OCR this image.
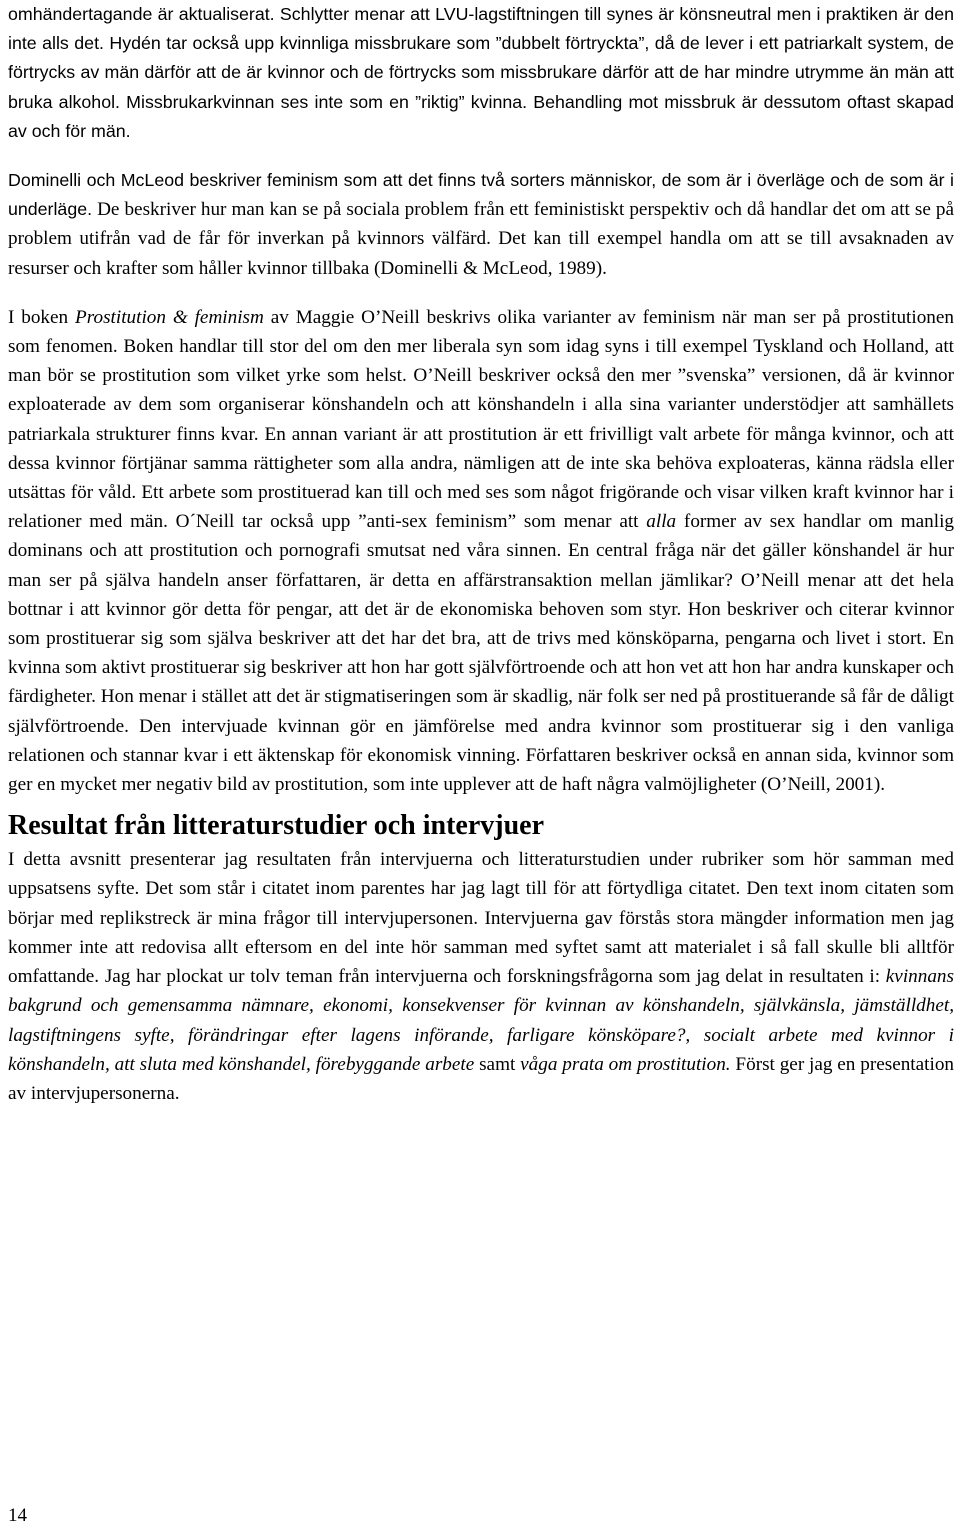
omhändertagande är aktualiserat. Schlytter menar att LVU-lagstiftningen till synes är könsneutral men i praktiken är den inte alls det. Hydén tar också upp kvinnliga missbrukare som ”dubbelt förtryckta”, då de lever i ett patriarkalt system, de förtrycks av män därför att de är kvinnor och de förtrycks som missbrukare därför att de har mindre utrymme än män att bruka alkohol. Missbrukarkvinnan ses inte som en ”riktig” kvinna. Behandling mot missbruk är dessutom oftast skapad av och för män.

Dominelli och McLeod beskriver feminism som att det finns två sorters människor, de som är i överläge och de som är i underläge. De beskriver hur man kan se på sociala problem från ett feministiskt perspektiv och då handlar det om att se på problem utifrån vad de får för inverkan på kvinnors välfärd. Det kan till exempel handla om att se till avsaknaden av resurser och krafter som håller kvinnor tillbaka (Dominelli & McLeod, 1989).

I boken Prostitution & feminism av Maggie O’Neill beskrivs olika varianter av feminism när man ser på prostitutionen som fenomen. Boken handlar till stor del om den mer liberala syn som idag syns i till exempel Tyskland och Holland, att man bör se prostitution som vilket yrke som helst. O’Neill beskriver också den mer ”svenska” versionen, då är kvinnor exploaterade av dem som organiserar könshandeln och att könshandeln i alla sina varianter understödjer att samhällets patriarkala strukturer finns kvar. En annan variant är att prostitution är ett frivilligt valt arbete för många kvinnor, och att dessa kvinnor förtjänar samma rättigheter som alla andra, nämligen att de inte ska behöva exploateras, känna rädsla eller utsättas för våld. Ett arbete som prostituerad kan till och med ses som något frigörande och visar vilken kraft kvinnor har i relationer med män. O´Neill tar också upp ”anti-sex feminism” som menar att alla former av sex handlar om manlig dominans och att prostitution och pornografi smutsat ned våra sinnen. En central fråga när det gäller könshandel är hur man ser på själva handeln anser författaren, är detta en affärstransaktion mellan jämlikar? O’Neill menar att det hela bottnar i att kvinnor gör detta för pengar, att det är de ekonomiska behoven som styr. Hon beskriver och citerar kvinnor som prostituerar sig som själva beskriver att det har det bra, att de trivs med könsköparna, pengarna och livet i stort. En kvinna som aktivt prostituerar sig beskriver att hon har gott självförtroende och att hon vet att hon har andra kunskaper och färdigheter. Hon menar i stället att det är stigmatiseringen som är skadlig, när folk ser ned på prostituerande så får de dåligt självförtroende. Den intervjuade kvinnan gör en jämförelse med andra kvinnor som prostituerar sig i den vanliga relationen och stannar kvar i ett äktenskap för ekonomisk vinning. Författaren beskriver också en annan sida, kvinnor som ger en mycket mer negativ bild av prostitution, som inte upplever att de haft några valmöjligheter (O’Neill, 2001).

Resultat från litteraturstudier och intervjuer

I detta avsnitt presenterar jag resultaten från intervjuerna och litteraturstudien under rubriker som hör samman med uppsatsens syfte. Det som står i citatet inom parentes har jag lagt till för att förtydliga citatet. Den text inom citaten som börjar med replikstreck är mina frågor till intervjupersonen. Intervjuerna gav förstås stora mängder information men jag kommer inte att redovisa allt eftersom en del inte hör samman med syftet samt att materialet i så fall skulle bli alltför omfattande. Jag har plockat ur tolv teman från intervjuerna och forskningsfrågorna som jag delat in resultaten i: kvinnans bakgrund och gemensamma nämnare, ekonomi, konsekvenser för kvinnan av könshandeln, självkänsla, jämställdhet, lagstiftningens syfte, förändringar efter lagens införande, farligare könsköpare?, socialt arbete med kvinnor i könshandeln, att sluta med könshandel, förebyggande arbete samt våga prata om prostitution. Först ger jag en presentation av intervjupersonerna.

14
